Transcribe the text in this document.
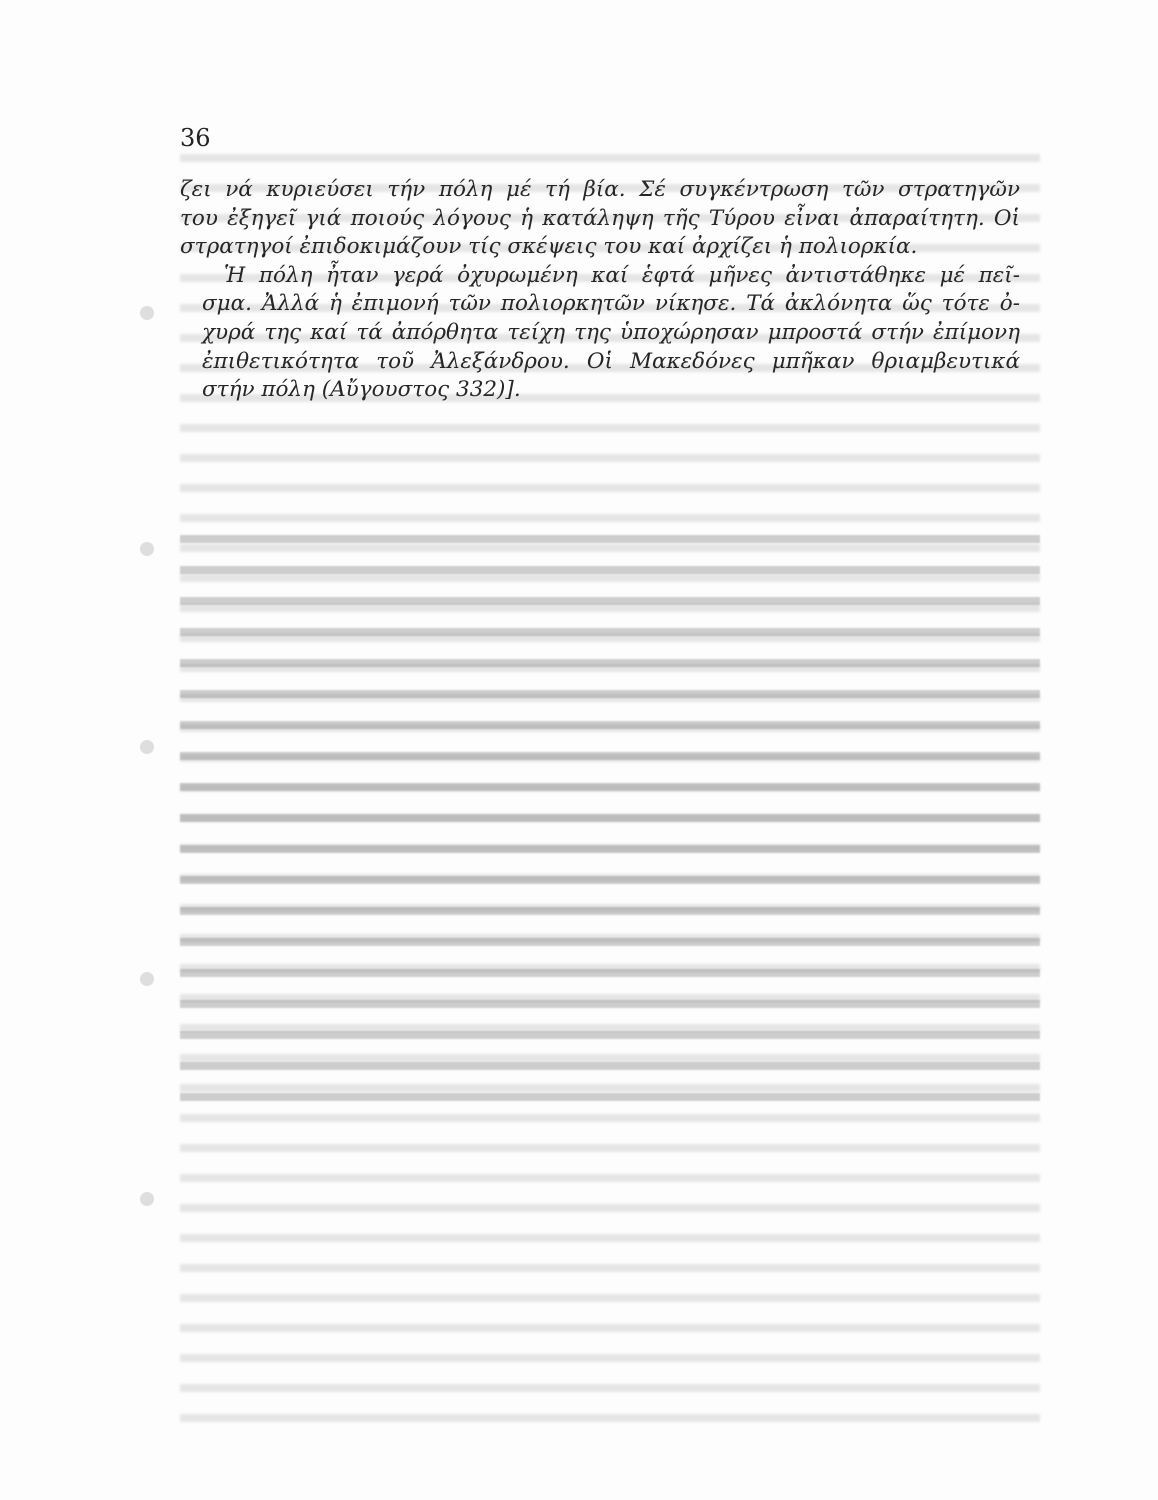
36

ζει νά κυριεύσει τήν πόλη μέ τή βία. Σέ συγκέντρωση τῶν στρατηγῶν
του ἐξηγεῖ γιά ποιούς λόγους ἡ κατάληψη τῆς Τύρου εἶναι ἀπαραίτητη. Οἱ
στρατηγοί ἐπιδοκιμάζουν τίς σκέψεις του καί ἀρχίζει ἡ πολιορκία.

Ἡ πόλη ἦταν γερά ὀχυρωμένη καί ἑφτά μῆνες ἀντιστάθηκε μέ πεῖ-
σμα. Ἀλλά ἡ ἐπιμονή τῶν πολιορκητῶν νίκησε. Τά ἀκλόνητα ὥς τότε ὀ-
χυρά της καί τά ἀπόρθητα τείχη της ὑποχώρησαν μπροστά στήν ἐπίμονη
ἐπιθετικότητα τοῦ Ἀλεξάνδρου. Οἱ Μακεδόνες μπῆκαν θριαμβευτικά
στήν πόλη (Αὔγουστος 332)].
